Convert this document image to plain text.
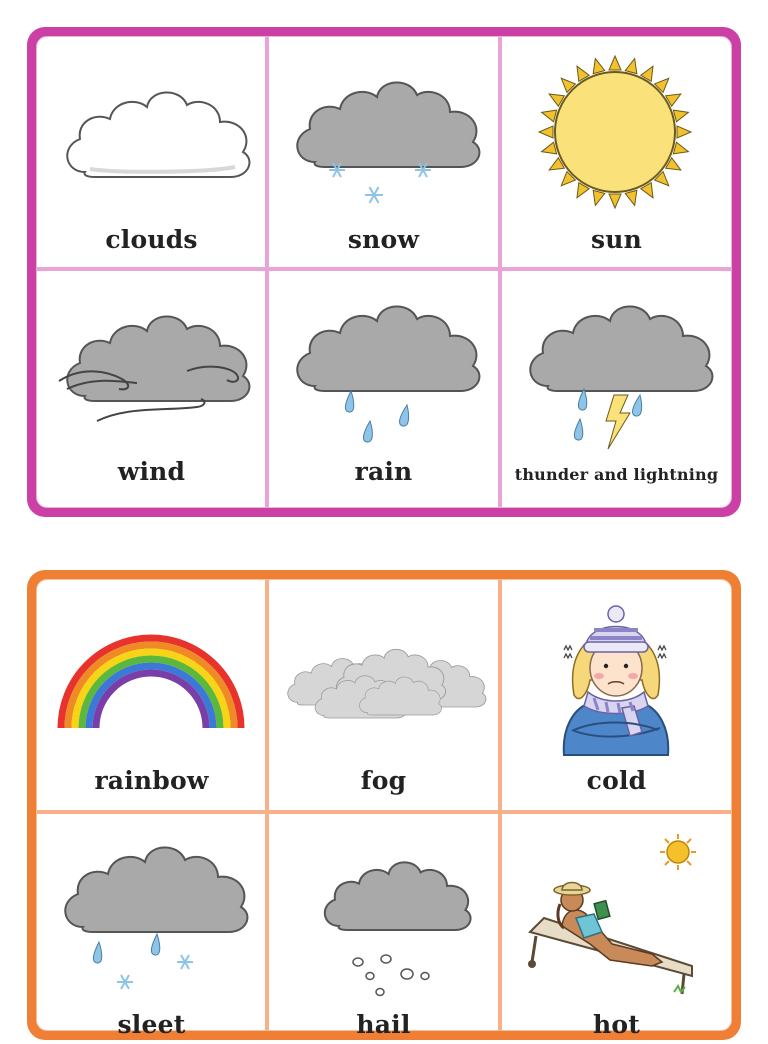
clouds	snow	sun
wind	rain	thunder and lightning
rainbow	fog	cold
sleet	hail	hot
